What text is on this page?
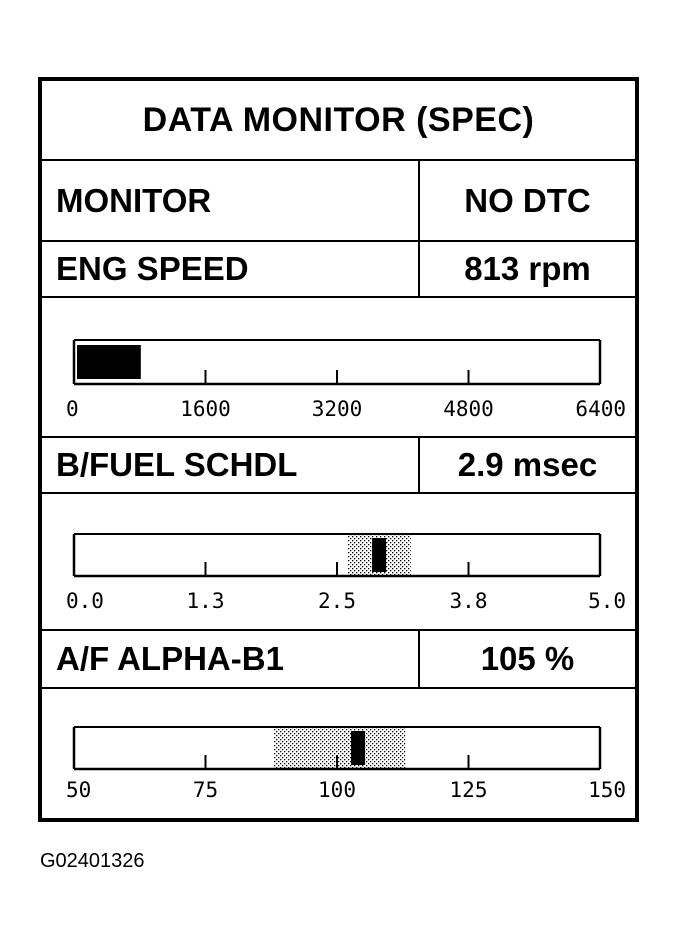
DATA MONITOR (SPEC)
MONITOR	NO DTC
ENG SPEED	813 rpm
0	1600	3200	4800	6400
B/FUEL SCHDL	2.9 msec
0.0	1.3	2.5	3.8	5.0
A/F ALPHA-B1	105 %
50	75	100	125	150
G02401326
